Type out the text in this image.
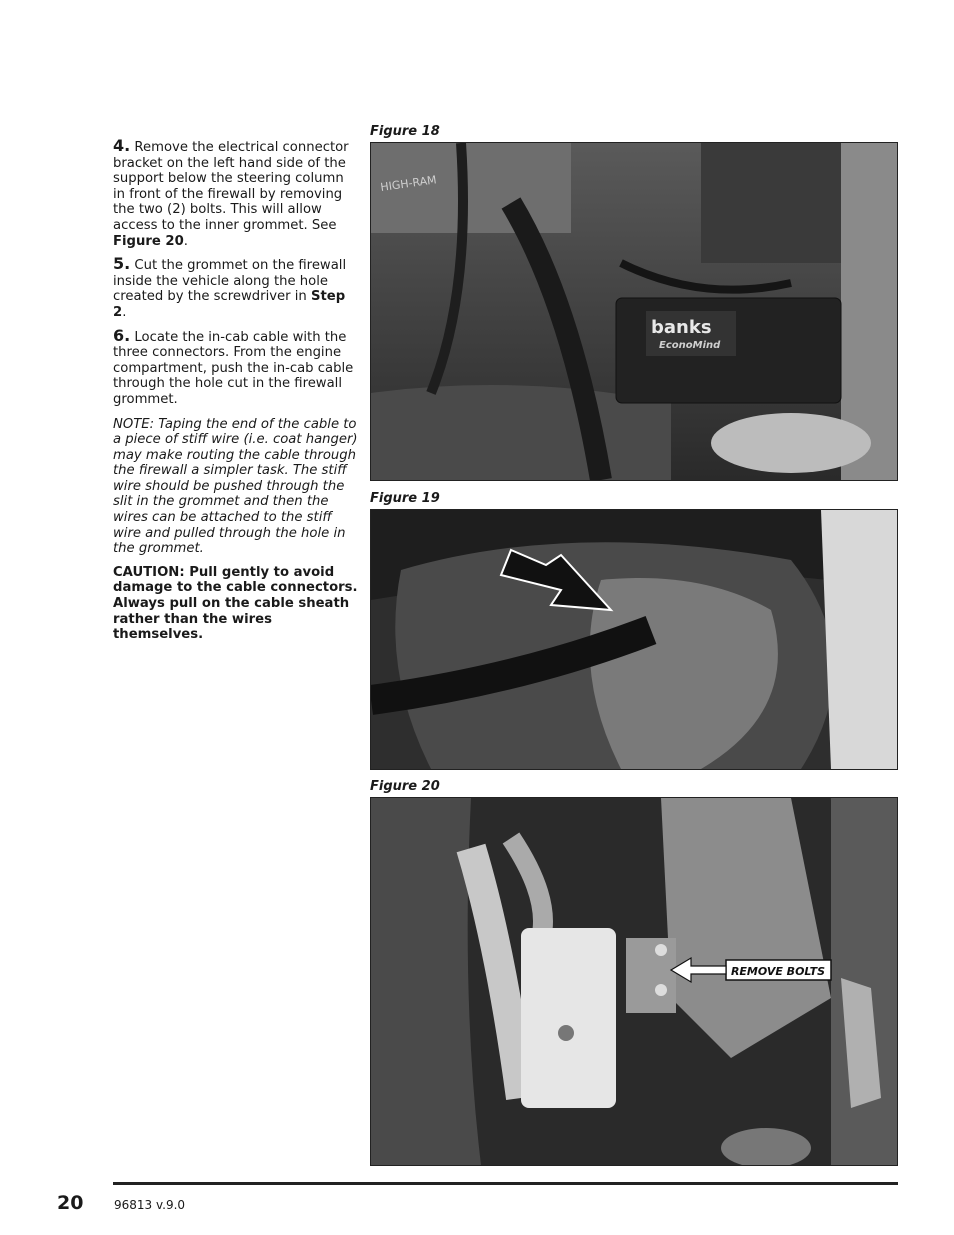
4. Remove the electrical connector bracket on the left hand side of the support below the steering column in front of the firewall by removing the two (2) bolts. This will allow access to the inner grommet. See Figure 20.

5. Cut the grommet on the firewall inside the vehicle along the hole created by the screwdriver in Step 2.

6. Locate the in-cab cable with the three connectors. From the engine compartment, push the in-cab cable through the hole cut in the firewall grommet.

NOTE: Taping the end of the cable to a piece of stiff wire (i.e. coat hanger) may make routing the cable through the firewall a simpler task. The stiff wire should be pushed through the slit in the grommet and then the wires can be attached to the stiff wire and pulled through the hole in the grommet.

CAUTION: Pull gently to avoid damage to the cable connectors. Always pull on the cable sheath rather than the wires themselves.

Figure 18
banks
EconoMind
HIGH-RAM
Figure 19
Figure 20
REMOVE BOLTS
20	96813 v.9.0
